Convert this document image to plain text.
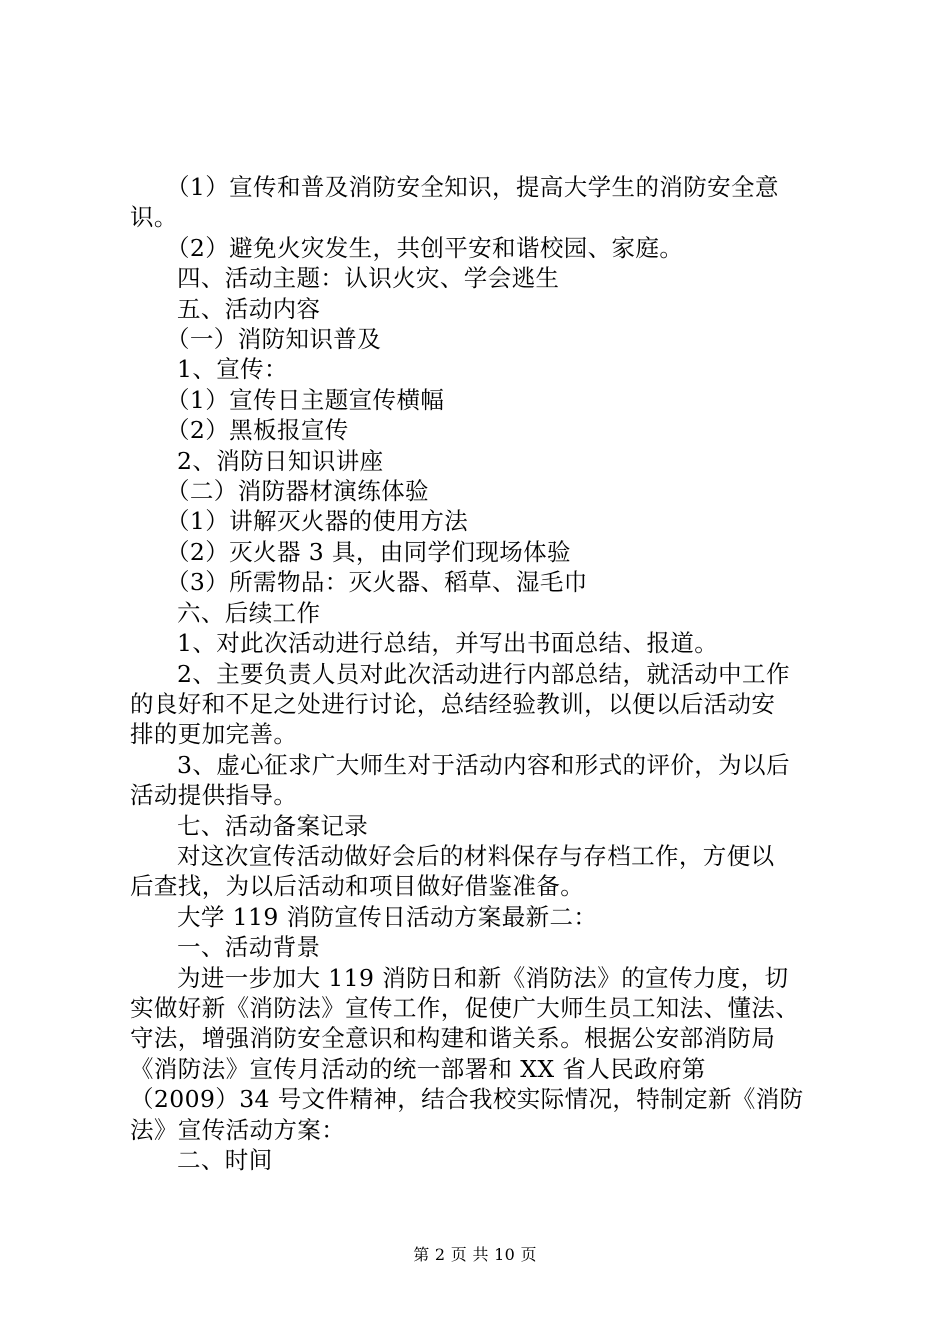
（1）宣传和普及消防安全知识，提高大学生的消防安全意

识。

（2）避免火灾发生，共创平安和谐校园、家庭。

四、活动主题：认识火灾、学会逃生

五、活动内容

（一）消防知识普及

1、宣传：

（1）宣传日主题宣传横幅

（2）黑板报宣传

2、消防日知识讲座

（二）消防器材演练体验

（1）讲解灭火器的使用方法

（2）灭火器 3 具，由同学们现场体验

（3）所需物品：灭火器、稻草、湿毛巾

六、后续工作

1、对此次活动进行总结，并写出书面总结、报道。

2、主要负责人员对此次活动进行内部总结，就活动中工作

的良好和不足之处进行讨论，总结经验教训，以便以后活动安

排的更加完善。

3、虚心征求广大师生对于活动内容和形式的评价，为以后

活动提供指导。

七、活动备案记录

对这次宣传活动做好会后的材料保存与存档工作，方便以

后查找，为以后活动和项目做好借鉴准备。

大学 119 消防宣传日活动方案最新二：

一、活动背景

为进一步加大 119 消防日和新《消防法》的宣传力度，切

实做好新《消防法》宣传工作，促使广大师生员工知法、懂法、

守法，增强消防安全意识和构建和谐关系。根据公安部消防局

《消防法》宣传月活动的统一部署和 XX 省人民政府第

（2009）34 号文件精神，结合我校实际情况，特制定新《消防

法》宣传活动方案：

二、时间

第 2 页 共 10 页
